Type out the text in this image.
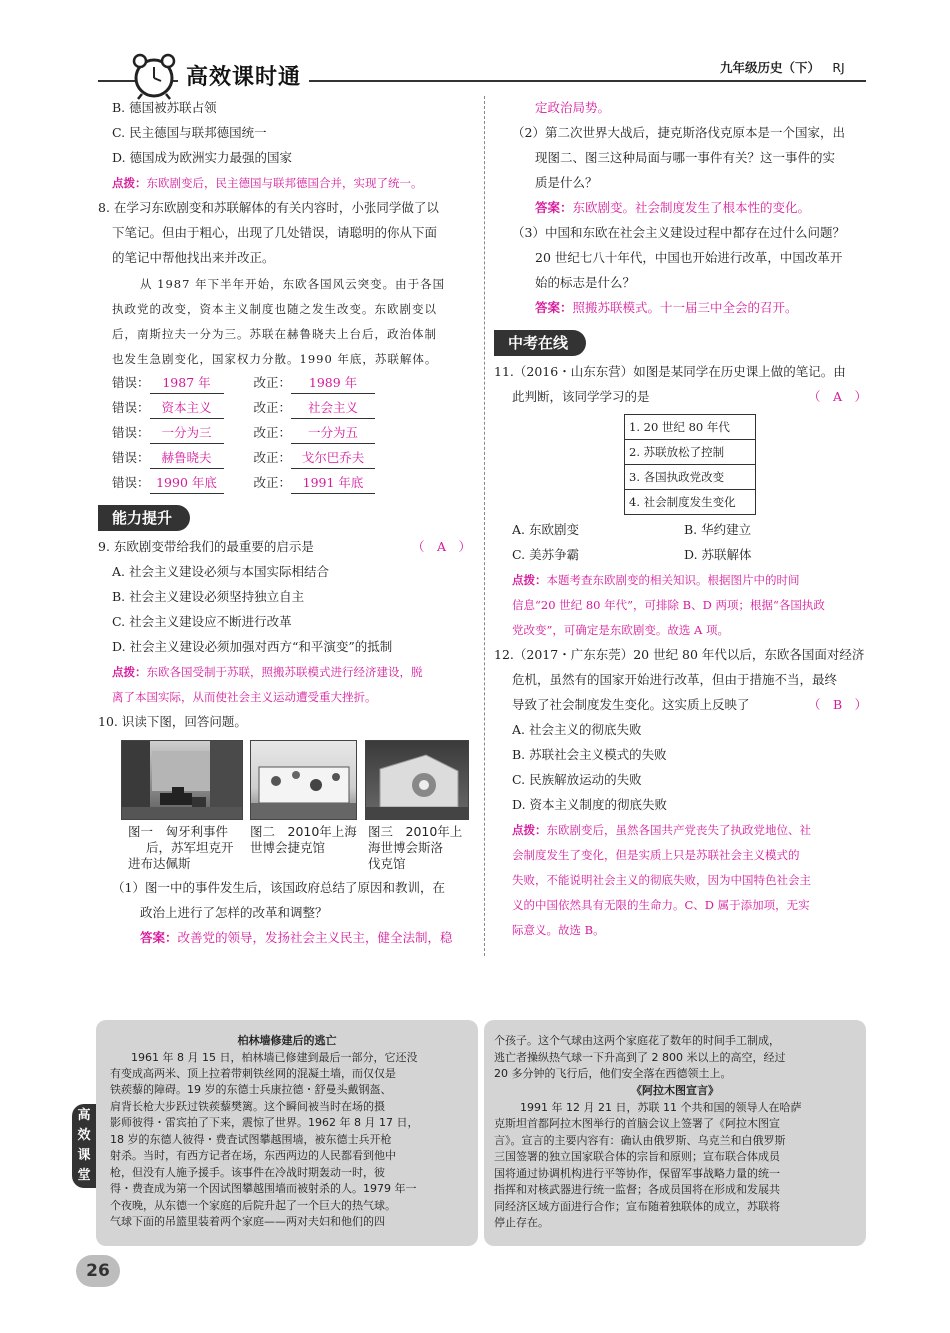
高效课时通	九年级历史（下） RJ
B. 德国被苏联占领
C. 民主德国与联邦德国统一
D. 德国成为欧洲实力最强的国家
点拨：东欧剧变后，民主德国与联邦德国合并，实现了统一。
8. 在学习东欧剧变和苏联解体的有关内容时，小张同学做了以
下笔记。但由于粗心，出现了几处错误，请聪明的你从下面
的笔记中帮他找出来并改正。
从 1987 年下半年开始，东欧各国风云突变。由于各国
执政党的改变，资本主义制度也随之发生改变。东欧剧变以
后，南斯拉夫一分为三。苏联在赫鲁晓夫上台后，政治体制
也发生急剧变化，国家权力分散。1990 年底，苏联解体。
错误： 1987 年	改正： 1989 年
错误： 资本主义	改正： 社会主义
错误： 一分为三	改正： 一分为五
错误： 赫鲁晓夫	改正： 戈尔巴乔夫
错误： 1990 年底	改正： 1991 年底
能力提升
9. 东欧剧变带给我们的最重要的启示是	（　A　）
A. 社会主义建设必须与本国实际相结合
B. 社会主义建设必须坚持独立自主
C. 社会主义建设应不断进行改革
D. 社会主义建设必须加强对西方“和平演变”的抵制
点拨：东欧各国受制于苏联，照搬苏联模式进行经济建设，脱
离了本国实际，从而使社会主义运动遭受重大挫折。
10. 识读下图，回答问题。
图一　匈牙利事件
后，苏军坦克开
进布达佩斯
图二　2010年上海
世博会捷克馆
图三　2010年上
海世博会斯洛
伐克馆
（1）图一中的事件发生后，该国政府总结了原因和教训，在
政治上进行了怎样的改革和调整？
答案：改善党的领导，发扬社会主义民主，健全法制，稳
定政治局势。
（2）第二次世界大战后，捷克斯洛伐克原本是一个国家，出
现图二、图三这种局面与哪一事件有关？这一事件的实
质是什么？
答案：东欧剧变。社会制度发生了根本性的变化。
（3）中国和东欧在社会主义建设过程中都存在过什么问题？
20 世纪七八十年代，中国也开始进行改革，中国改革开
始的标志是什么？
答案：照搬苏联模式。十一届三中全会的召开。
中考在线
11.（2016・山东东营）如图是某同学在历史课上做的笔记。由
此判断，该同学学习的是	（　A　）
1. 20 世纪 80 年代
2. 苏联放松了控制
3. 各国执政党改变
4. 社会制度发生变化
A. 东欧剧变	B. 华约建立
C. 美苏争霸	D. 苏联解体
点拨：本题考查东欧剧变的相关知识。根据图片中的时间
信息“20 世纪 80 年代”，可排除 B、D 两项；根据“各国执政
党改变”，可确定是东欧剧变。故选 A 项。
12.（2017・广东东莞）20 世纪 80 年代以后，东欧各国面对经济
危机，虽然有的国家开始进行改革，但由于措施不当，最终
导致了社会制度发生变化。这实质上反映了	（　B　）
A. 社会主义的彻底失败
B. 苏联社会主义模式的失败
C. 民族解放运动的失败
D. 资本主义制度的彻底失败
点拨：东欧剧变后，虽然各国共产党丧失了执政党地位、社
会制度发生了变化，但是实质上只是苏联社会主义模式的
失败，不能说明社会主义的彻底失败，因为中国特色社会主
义的中国依然具有无限的生命力。C、D 属于添加项，无实
际意义。故选 B。
高
效
课
堂
柏林墙修建后的逃亡
1961 年 8 月 15 日，柏林墙已修建到最后一部分，它还没
有变成高两米、顶上拉着带刺铁丝网的混凝土墙，而仅仅是
铁蒺藜的障碍。19 岁的东德士兵康拉德・舒曼头戴钢盔、
肩背长枪大步跃过铁蒺藜樊篱。这个瞬间被当时在场的摄
影师彼得・雷宾拍了下来，震惊了世界。1962 年 8 月 17 日，
18 岁的东德人彼得・费査试图攀越围墙，被东德士兵开枪
射杀。当时，有西方记者在场，东西两边的人民都看到他中
枪，但没有人施予援手。该事件在冷战时期轰动一时，彼
得・费査成为第一个因试图攀越围墙而被射杀的人。1979 年一
个夜晚，从东德一个家庭的后院升起了一个巨大的热气球。
气球下面的吊篮里装着两个家庭——两对夫妇和他们的四
个孩子。这个气球由这两个家庭花了数年的时间手工制成，
逃亡者操纵热气球一下升高到了 2 800 米以上的高空，经过
20 多分钟的飞行后，他们安全落在西德领土上。
《阿拉木图宣言》
1991 年 12 月 21 日，苏联 11 个共和国的领导人在哈萨
克斯坦首都阿拉木图举行的首脑会议上签署了《阿拉木图宣
言》。宣言的主要内容有：确认由俄罗斯、乌克兰和白俄罗斯
三国签署的独立国家联合体的宗旨和原则；宣布联合体成员
国将通过协调机构进行平等协作，保留军事战略力量的统一
指挥和对核武器进行统一监督；各成员国将在形成和发展共
同经济区域方面进行合作；宣布随着独联体的成立，苏联将
停止存在。
26
